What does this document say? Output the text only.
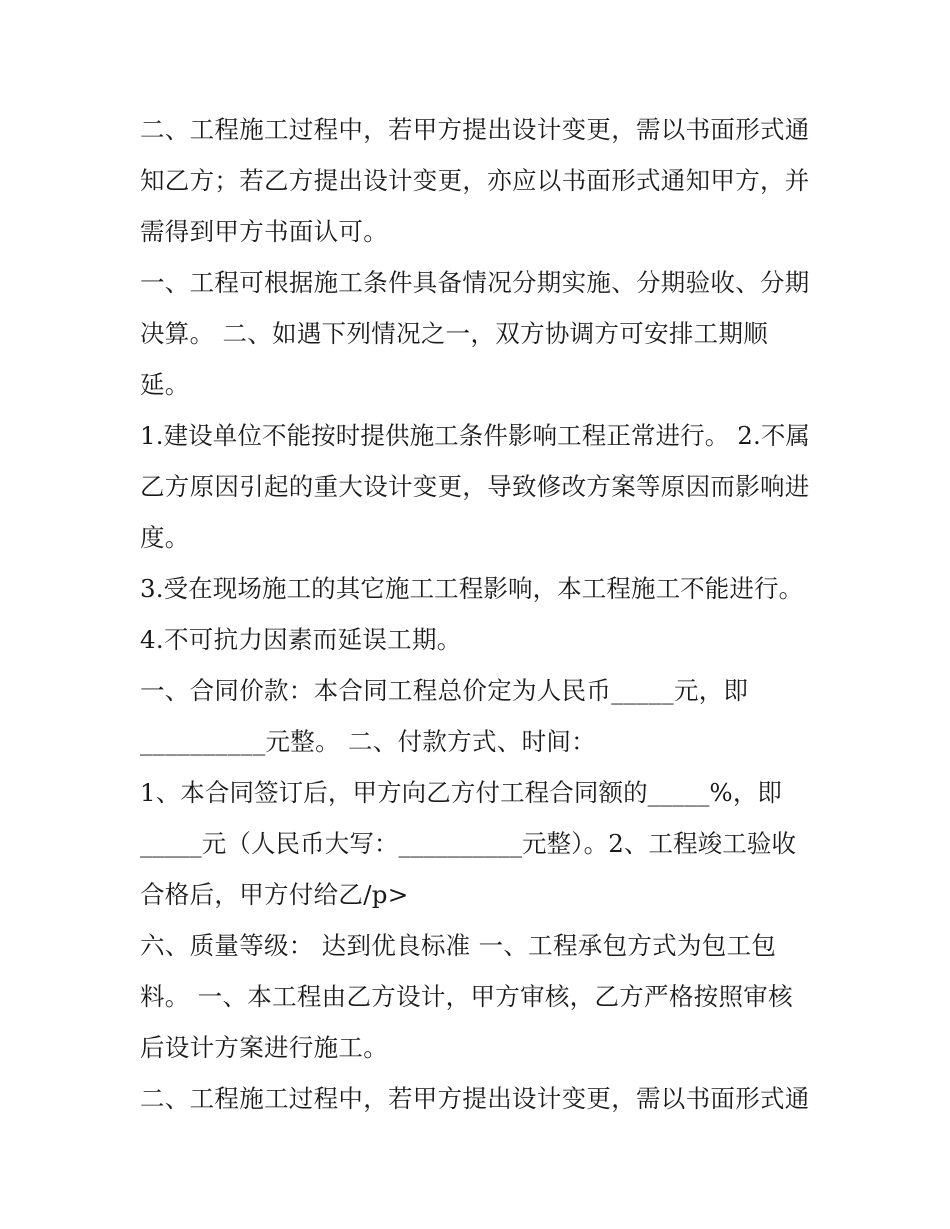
二、工程施工过程中，若甲方提出设计变更，需以书面形式通
知乙方；若乙方提出设计变更，亦应以书面形式通知甲方，并
需得到甲方书面认可。
一、工程可根据施工条件具备情况分期实施、分期验收、分期
决算。 二、如遇下列情况之一，双方协调方可安排工期顺
延。
1.建设单位不能按时提供施工条件影响工程正常进行。 2.不属
乙方原因引起的重大设计变更，导致修改方案等原因而影响进
度。
3.受在现场施工的其它施工工程影响，本工程施工不能进行。
4.不可抗力因素而延误工期。
一、合同价款：本合同工程总价定为人民币_____元，即
__________元整。 二、付款方式、时间：
1、本合同签订后，甲方向乙方付工程合同额的_____%，即
_____元（人民币大写：__________元整）。2、工程竣工验收
合格后，甲方付给乙/p>
六、质量等级： 达到优良标准 一、工程承包方式为包工包
料。 一、本工程由乙方设计，甲方审核，乙方严格按照审核
后设计方案进行施工。
二、工程施工过程中，若甲方提出设计变更，需以书面形式通
